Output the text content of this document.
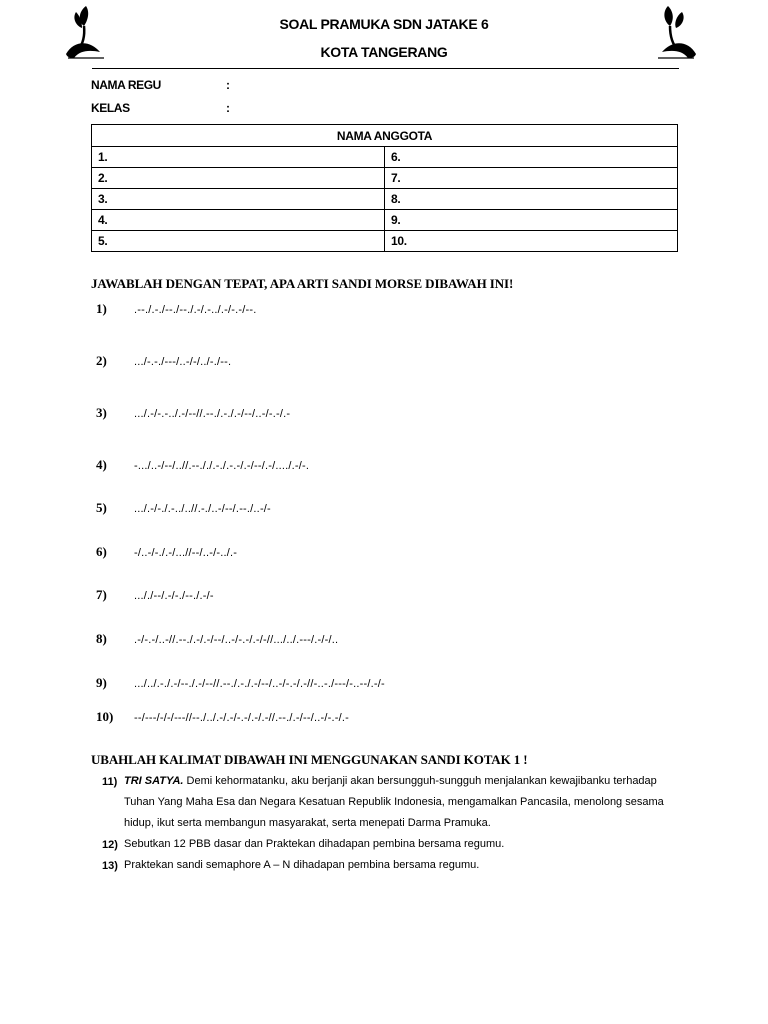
SOAL PRAMUKA SDN JATAKE 6
KOTA TANGERANG
NAMA REGU	:
KELAS	:
NAMA ANGGOTA	
1.	6.
2.	7.
3.	8.
4.	9.
5.	10.
JAWABLAH DENGAN TEPAT, APA ARTI SANDI MORSE DIBAWAH INI!
1) .--./.-./--./--./.-/.-../.-/-.-/--.
2) .../-.-./---/..-/-/../-./--.
3) .../.-/-.-../.-/--//.--./.-./.-/--/..-/-.-/.-
4) -.../..-/--/..//.--././.-./.-.-/.-/--/.-/..../.-/-.
5) .../.-/-./.-../..//.-./..-/--/.--./..-/-
6) -/..-/-./.-/...//--/..-/-../.-
7) ..././--/.-/-./--./.-/-
8) .-/-.-/..-//.--./.-/.-/--/..-/-.-/.-/-//.../../.---/.-/-/..
9) .../../.-./.-/--./.-/--//.--./.-./.-/--/..-/-.-/.-//-..-./---/-..--/.-/-
10) --/---/-/-/---//--./../.-/.-/-.-/.-/.-//.--./.-/--/..-/-.-/.-
UBAHLAH KALIMAT DIBAWAH INI MENGGUNAKAN SANDI KOTAK 1 !
11) TRI SATYA. Demi kehormatanku, aku berjanji akan bersungguh-sungguh menjalankan kewajibanku terhadap Tuhan Yang Maha Esa dan Negara Kesatuan Republik Indonesia, mengamalkan Pancasila, menolong sesama hidup, ikut serta membangun masyarakat, serta menepati Darma Pramuka.
12) Sebutkan 12 PBB dasar dan Praktekan dihadapan pembina bersama regumu.
13) Praktekan sandi semaphore A – N dihadapan pembina bersama regumu.
